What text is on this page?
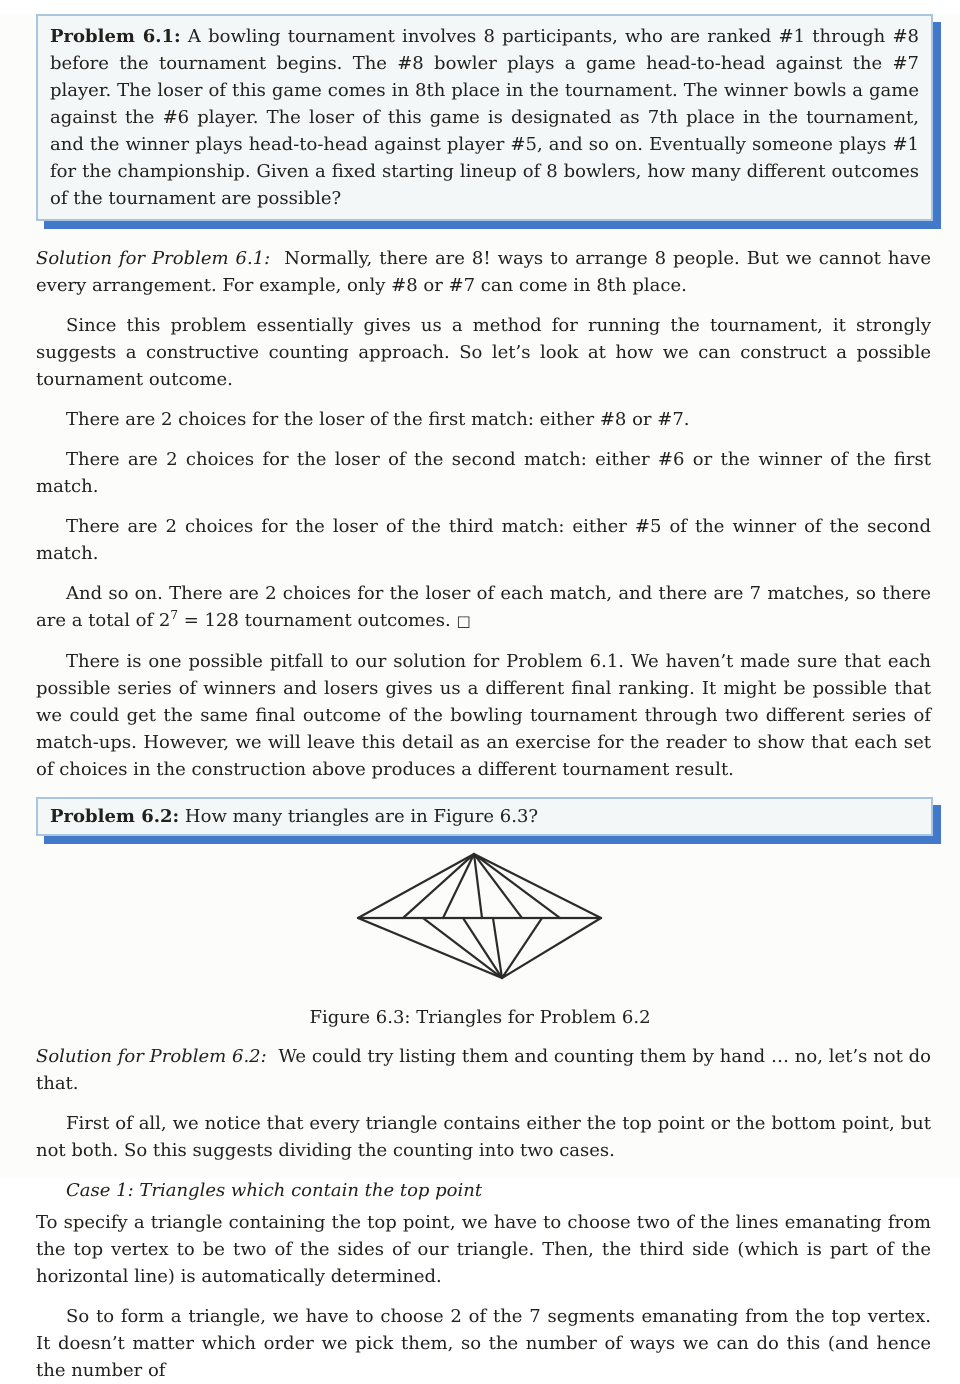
Problem 6.1: A bowling tournament involves 8 participants, who are ranked #1 through #8 before the tournament begins. The #8 bowler plays a game head-to-head against the #7 player. The loser of this game comes in 8th place in the tournament. The winner bowls a game against the #6 player. The loser of this game is designated as 7th place in the tournament, and the winner plays head-to-head against player #5, and so on. Eventually someone plays #1 for the championship. Given a fixed starting lineup of 8 bowlers, how many different outcomes of the tournament are possible?

Solution for Problem 6.1: Normally, there are 8! ways to arrange 8 people. But we cannot have every arrangement. For example, only #8 or #7 can come in 8th place.

Since this problem essentially gives us a method for running the tournament, it strongly suggests a constructive counting approach. So let’s look at how we can construct a possible tournament outcome.

There are 2 choices for the loser of the first match: either #8 or #7.

There are 2 choices for the loser of the second match: either #6 or the winner of the first match.

There are 2 choices for the loser of the third match: either #5 of the winner of the second match.

And so on. There are 2 choices for the loser of each match, and there are 7 matches, so there are a total of $2^7 = 128$ tournament outcomes. □

There is one possible pitfall to our solution for Problem 6.1. We haven’t made sure that each possible series of winners and losers gives us a different final ranking. It might be possible that we could get the same final outcome of the bowling tournament through two different series of match-ups. However, we will leave this detail as an exercise for the reader to show that each set of choices in the construction above produces a different tournament result.

Problem 6.2: How many triangles are in Figure 6.3?
Figure 6.3: Triangles for Problem 6.2

Solution for Problem 6.2: We could try listing them and counting them by hand … no, let’s not do that.

First of all, we notice that every triangle contains either the top point or the bottom point, but not both. So this suggests dividing the counting into two cases.

Case 1: Triangles which contain the top point

To specify a triangle containing the top point, we have to choose two of the lines emanating from the top vertex to be two of the sides of our triangle. Then, the third side (which is part of the horizontal line) is automatically determined.

So to form a triangle, we have to choose 2 of the 7 segments emanating from the top vertex. It doesn’t matter which order we pick them, so the number of ways we can do this (and hence the number of
